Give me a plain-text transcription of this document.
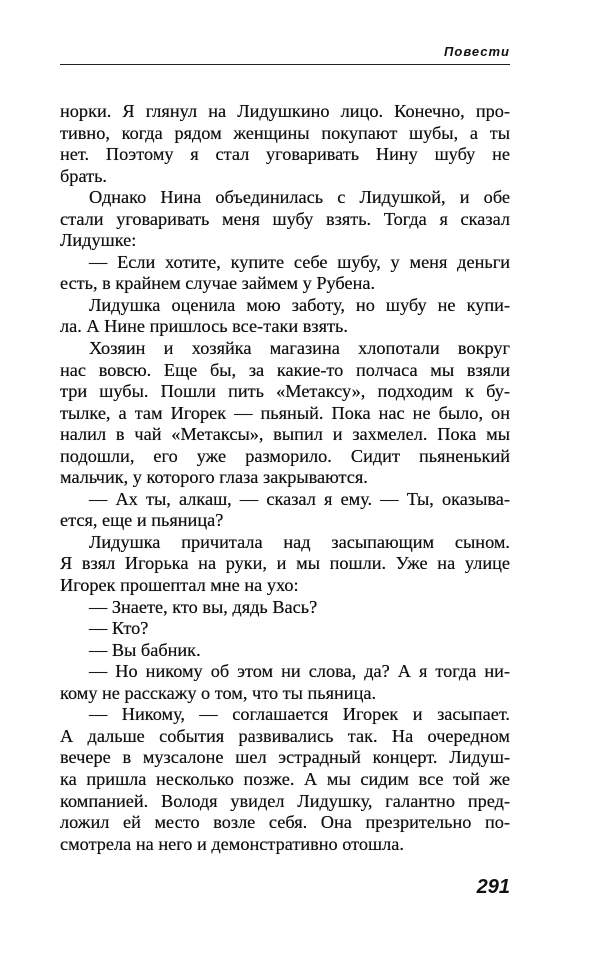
Повести
норки. Я глянул на Лидушкино лицо. Конечно, про-
тивно, когда рядом женщины покупают шубы, а ты
нет. Поэтому я стал уговаривать Нину шубу не
брать.
Однако Нина объединилась с Лидушкой, и обе
стали уговаривать меня шубу взять. Тогда я сказал
Лидушке:
— Если хотите, купите себе шубу, у меня деньги
есть, в крайнем случае займем у Рубена.
Лидушка оценила мою заботу, но шубу не купи-
ла. А Нине пришлось все-таки взять.
Хозяин и хозяйка магазина хлопотали вокруг
нас вовсю. Еще бы, за какие-то полчаса мы взяли
три шубы. Пошли пить «Метаксу», подходим к бу-
тылке, а там Игорек — пьяный. Пока нас не было, он
налил в чай «Метаксы», выпил и захмелел. Пока мы
подошли, его уже разморило. Сидит пьяненький
мальчик, у которого глаза закрываются.
— Ах ты, алкаш, — сказал я ему. — Ты, оказыва-
ется, еще и пьяница?
Лидушка причитала над засыпающим сыном.
Я взял Игорька на руки, и мы пошли. Уже на улице
Игорек прошептал мне на ухо:
— Знаете, кто вы, дядь Вась?
— Кто?
— Вы бабник.
— Но никому об этом ни слова, да? А я тогда ни-
кому не расскажу о том, что ты пьяница.
— Никому, — соглашается Игорек и засыпает.
А дальше события развивались так. На очередном
вечере в музсалоне шел эстрадный концерт. Лидуш-
ка пришла несколько позже. А мы сидим все той же
компанией. Володя увидел Лидушку, галантно пред-
ложил ей место возле себя. Она презрительно по-
смотрела на него и демонстративно отошла.
291
